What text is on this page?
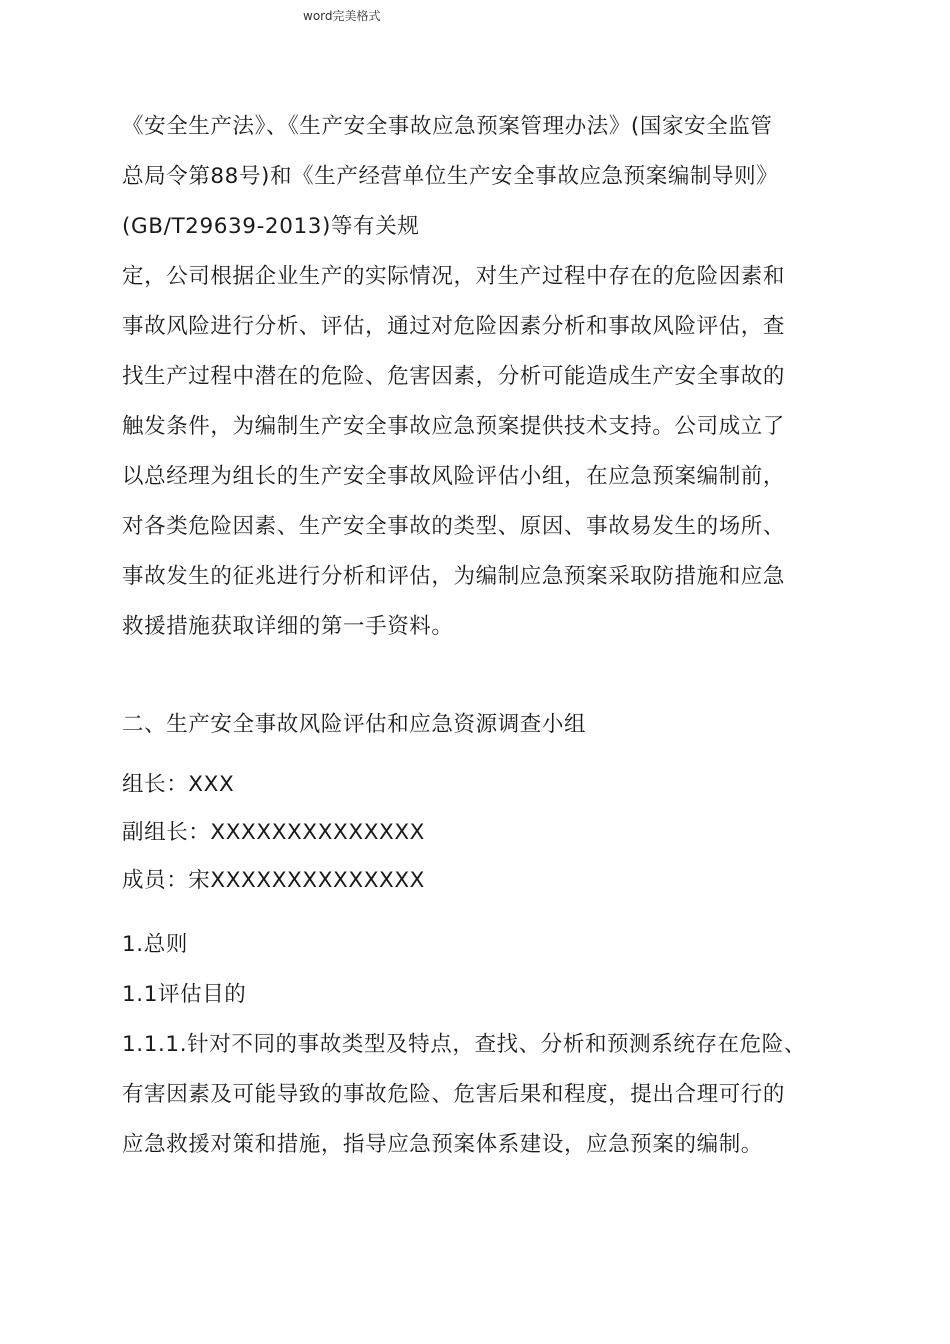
word完美格式
《安全生产法》、《生产安全事故应急预案管理办法》(国家安全监管
总局令第88号)和《生产经营单位生产安全事故应急预案编制导则》
(GB/T29639-2013)等有关规
定，公司根据企业生产的实际情况，对生产过程中存在的危险因素和
事故风险进行分析、评估，通过对危险因素分析和事故风险评估，查
找生产过程中潜在的危险、危害因素，分析可能造成生产安全事故的
触发条件，为编制生产安全事故应急预案提供技术支持。公司成立了
以总经理为组长的生产安全事故风险评估小组，在应急预案编制前，
对各类危险因素、生产安全事故的类型、原因、事故易发生的场所、
事故发生的征兆进行分析和评估，为编制应急预案采取防措施和应急
救援措施获取详细的第一手资料。
二、生产安全事故风险评估和应急资源调查小组
组长：XXX
副组长：XXXXXXXXXXXXXX
成员：宋XXXXXXXXXXXXXX
1.总则
1.1评估目的
1.1.1.针对不同的事故类型及特点，查找、分析和预测系统存在危险、
有害因素及可能导致的事故危险、危害后果和程度，提出合理可行的
应急救援对策和措施，指导应急预案体系建设，应急预案的编制。
